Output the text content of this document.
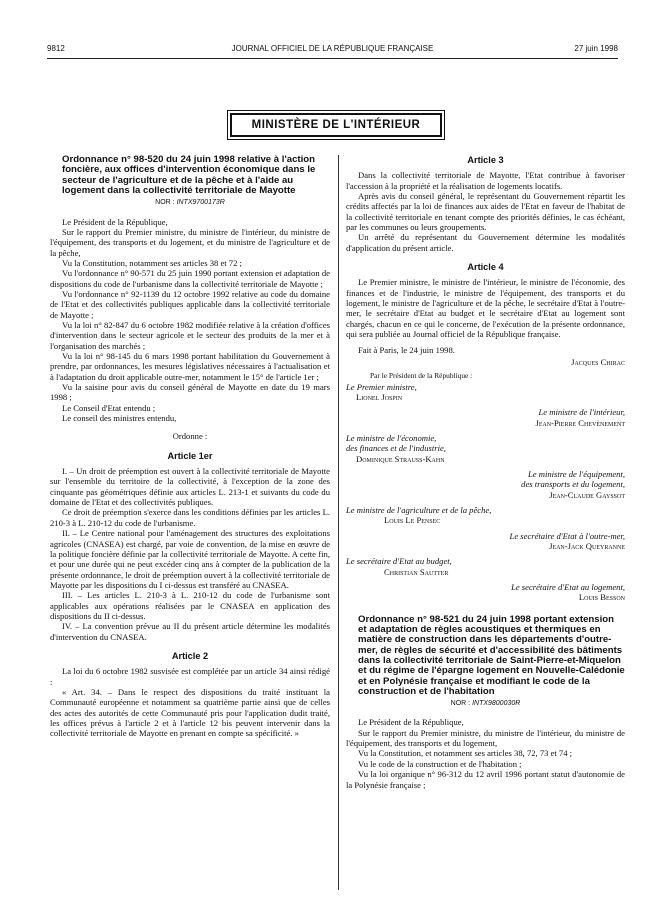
9812	JOURNAL OFFICIEL DE LA RÉPUBLIQUE FRANÇAISE	27 juin 1998
MINISTÈRE DE L'INTÉRIEUR
Ordonnance n° 98-520 du 24 juin 1998 relative à l'action foncière, aux offices d'intervention économique dans le secteur de l'agriculture et de la pêche et à l'aide au logement dans la collectivité territoriale de Mayotte
NOR : INTX9700173R

Le Président de la République,

Sur le rapport du Premier ministre, du ministre de l'intérieur, du ministre de l'équipement, des transports et du logement, et du ministre de l'agriculture et de la pêche,

Vu la Constitution, notamment ses articles 38 et 72 ;

Vu l'ordonnance n° 90-571 du 25 juin 1990 portant extension et adaptation de dispositions du code de l'urbanisme dans la collectivité territoriale de Mayotte ;

Vu l'ordonnance n° 92-1139 du 12 octobre 1992 relative au code du domaine de l'Etat et des collectivités publiques applicable dans la collectivité territoriale de Mayotte ;

Vu la loi n° 82-847 du 6 octobre 1982 modifiée relative à la création d'offices d'intervention dans le secteur agricole et le secteur des produits de la mer et à l'organisation des marchés ;

Vu la loi n° 98-145 du 6 mars 1998 portant habilitation du Gouvernement à prendre, par ordonnances, les mesures législatives nécessaires à l'actualisation et à l'adaptation du droit applicable outre-mer, notamment le 15° de l'article 1er ;

Vu la saisine pour avis du conseil général de Mayotte en date du 19 mars 1998 ;

Le Conseil d'Etat entendu ;

Le conseil des ministres entendu,

Ordonne :

Article 1er

I. – Un droit de préemption est ouvert à la collectivité territoriale de Mayotte sur l'ensemble du territoire de la collectivité, à l'exception de la zone des cinquante pas géométriques définie aux articles L. 213-1 et suivants du code du domaine de l'Etat et des collectivités publiques.

Ce droit de préemption s'exerce dans les conditions définies par les articles L. 210-3 à L. 210-12 du code de l'urbanisme.

II. – Le Centre national pour l'aménagement des structures des exploitations agricoles (CNASEA) est chargé, par voie de convention, de la mise en œuvre de la politique foncière définie par la collectivité territoriale de Mayotte. A cette fin, et pour une durée qui ne peut excéder cinq ans à compter de la publication de la présente ordonnance, le droit de préemption ouvert à la collectivité territoriale de Mayotte par les dispositions du I ci-dessus est transféré au CNASEA.

III. – Les articles L. 210-3 à L. 210-12 du code de l'urbanisme sont applicables aux opérations réalisées par le CNASEA en application des dispositions du II ci-dessus.

IV. – La convention prévue au II du présent article détermine les modalités d'intervention du CNASEA.

Article 2

La loi du 6 octobre 1982 susvisée est complétée par un article 34 ainsi rédigé :

« Art. 34. – Dans le respect des dispositions du traité instituant la Communauté européenne et notamment sa quatrième partie ainsi que de celles des actes des autorités de cette Communauté pris pour l'application dudit traité, les offices prévus à l'article 2 et à l'article 12 bis peuvent intervenir dans la collectivité territoriale de Mayotte en prenant en compte sa spécificité. »

Article 3

Dans la collectivité territoriale de Mayotte, l'Etat contribue à favoriser l'accession à la propriété et la réalisation de logements locatifs.

Après avis du conseil général, le représentant du Gouvernement répartit les crédits affectés par la loi de finances aux aides de l'Etat en faveur de l'habitat de la collectivité territoriale en tenant compte des priorités définies, le cas échéant, par les communes ou leurs groupements.

Un arrêté du représentant du Gouvernement détermine les modalités d'application du présent article.

Article 4

Le Premier ministre, le ministre de l'intérieur, le ministre de l'économie, des finances et de l'industrie, le ministre de l'équipement, des transports et du logement, le ministre de l'agriculture et de la pêche, le secrétaire d'Etat à l'outre-mer, le secrétaire d'Etat au budget et le secrétaire d'Etat au logement sont chargés, chacun en ce qui le concerne, de l'exécution de la présente ordonnance, qui sera publiée au Journal officiel de la République française.

Fait à Paris, le 24 juin 1998.

Jacques Chirac
Par le Président de la République :
Le Premier ministre,
Lionel Jospin
Le ministre de l'intérieur,
Jean-Pierre Chevènement
Le ministre de l'économie,
des finances et de l'industrie,
Dominique Strauss-Kahn
Le ministre de l'équipement,
des transports et du logement,
Jean-Claude Gayssot
Le ministre de l'agriculture et de la pêche,
Louis Le Pensec
Le secrétaire d'Etat à l'outre-mer,
Jean-Jack Queyranne
Le secrétaire d'Etat au budget,
Christian Sautter
Le secrétaire d'Etat au logement,
Louis Besson
Ordonnance n° 98-521 du 24 juin 1998 portant extension et adaptation de règles acoustiques et thermiques en matière de construction dans les départements d'outre-mer, de règles de sécurité et d'accessibilité des bâtiments dans la collectivité territoriale de Saint-Pierre-et-Miquelon et du régime de l'épargne logement en Nouvelle-Calédonie et en Polynésie française et modifiant le code de la construction et de l'habitation
NOR : INTX9800030R

Le Président de la République,

Sur le rapport du Premier ministre, du ministre de l'intérieur, du ministre de l'équipement, des transports et du logement,

Vu la Constitution, et notamment ses articles 38, 72, 73 et 74 ;

Vu le code de la construction et de l'habitation ;

Vu la loi organique n° 96-312 du 12 avril 1996 portant statut d'autonomie de la Polynésie française ;
